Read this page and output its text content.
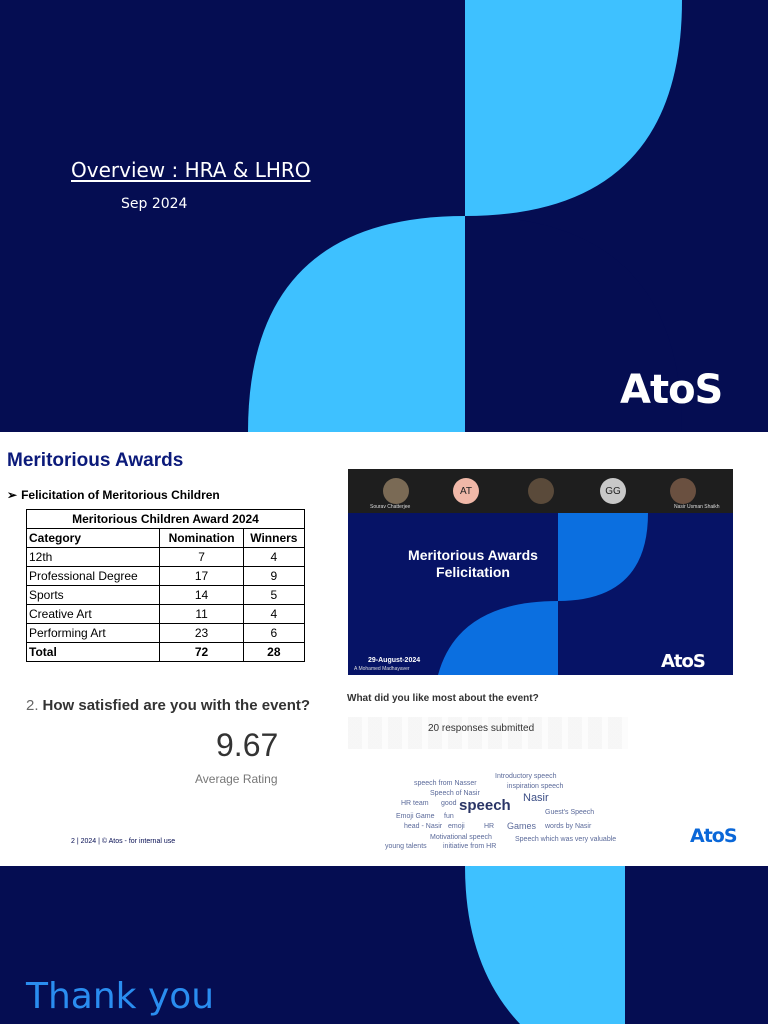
Overview : HRA & LHRO
Sep 2024
AtoS
Meritorious Awards
➢ Felicitation of Meritorious Children
Meritorious Children Award 2024		
Category	Nomination	Winners
12th	7	4
Professional Degree	17	9
Sports	14	5
Creative Art	11	4
Performing Art	23	6
Total	72	28
Sourav Chatterjee
AT	GG
Nasir Usman Shaikh
Meritorious Awards
Felicitation
29-August-2024
A Mohamed Madhayaver	AtoS
2. How satisfied are you with the event?
9.67
Average Rating
What did you like most about the event?
20 responses submitted
Introductory speech
speech from Nasser	inspiration speech
Speech of Nasir	Nasir
HR team good speech	Guest's Speech
Emoji Game fun
head - Nasir emoji	HR Games words by Nasir
Motivational speech
young talents initiative from HR
Speech which was very valuable
2 | 2024 | © Atos - for internal use	AtoS
Thank you
